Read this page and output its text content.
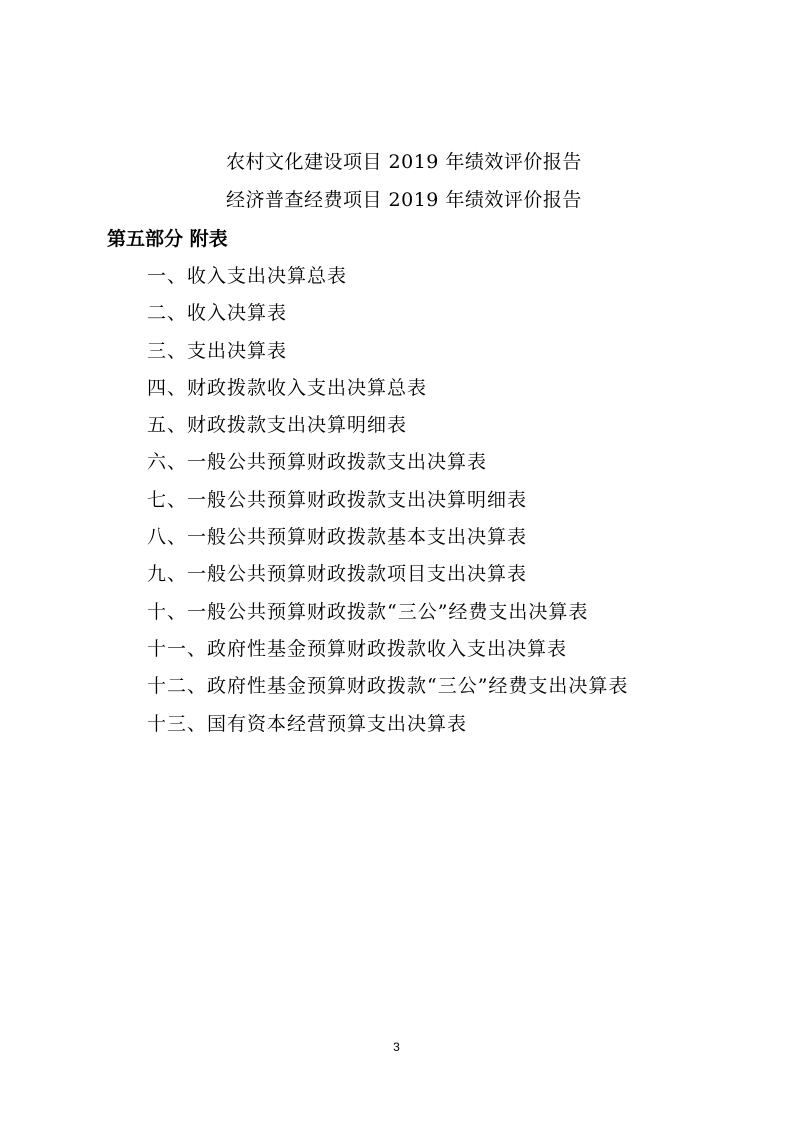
农村文化建设项目 2019 年绩效评价报告
经济普查经费项目 2019 年绩效评价报告
第五部分 附表
一、收入支出决算总表
二、收入决算表
三、支出决算表
四、财政拨款收入支出决算总表
五、财政拨款支出决算明细表
六、一般公共预算财政拨款支出决算表
七、一般公共预算财政拨款支出决算明细表
八、一般公共预算财政拨款基本支出决算表
九、一般公共预算财政拨款项目支出决算表
十、一般公共预算财政拨款“三公”经费支出决算表
十一、政府性基金预算财政拨款收入支出决算表
十二、政府性基金预算财政拨款“三公”经费支出决算表
十三、国有资本经营预算支出决算表
3
